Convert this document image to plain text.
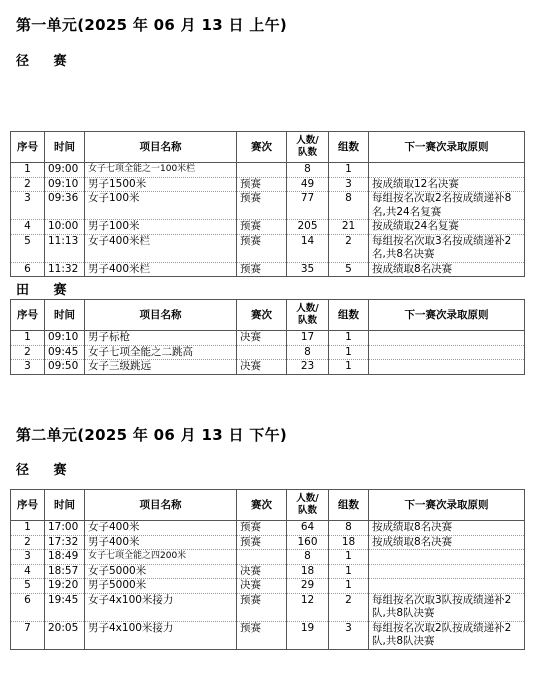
第一单元(2025 年 06 月 13 日 上午)
径 赛
序号	时间	项目名称	赛次	人数/
队数	组数	下一赛次录取原则
1	09:00	女子七项全能之一100米栏		8	1	
2	09:10	男子1500米	预赛	49	3	按成绩取12名决赛
3	09:36	女子100米	预赛	77	8	每组按名次取2名按成绩递补8名,共24名复赛
4	10:00	男子100米	预赛	205	21	按成绩取24名复赛
5	11:13	女子400米栏	预赛	14	2	每组按名次取3名按成绩递补2名,共8名决赛
6	11:32	男子400米栏	预赛	35	5	按成绩取8名决赛
田 赛
序号	时间	项目名称	赛次	人数/
队数	组数	下一赛次录取原则
1	09:10	男子标枪	决赛	17	1	
2	09:45	女子七项全能之二跳高		8	1	
3	09:50	女子三级跳远	决赛	23	1	
第二单元(2025 年 06 月 13 日 下午)
径 赛
序号	时间	项目名称	赛次	人数/
队数	组数	下一赛次录取原则
1	17:00	女子400米	预赛	64	8	按成绩取8名决赛
2	17:32	男子400米	预赛	160	18	按成绩取8名决赛
3	18:49	女子七项全能之四200米		8	1	
4	18:57	女子5000米	决赛	18	1	
5	19:20	男子5000米	决赛	29	1	
6	19:45	女子4x100米接力	预赛	12	2	每组按名次取3队按成绩递补2队,共8队决赛
7	20:05	男子4x100米接力	预赛	19	3	每组按名次取2队按成绩递补2队,共8队决赛
